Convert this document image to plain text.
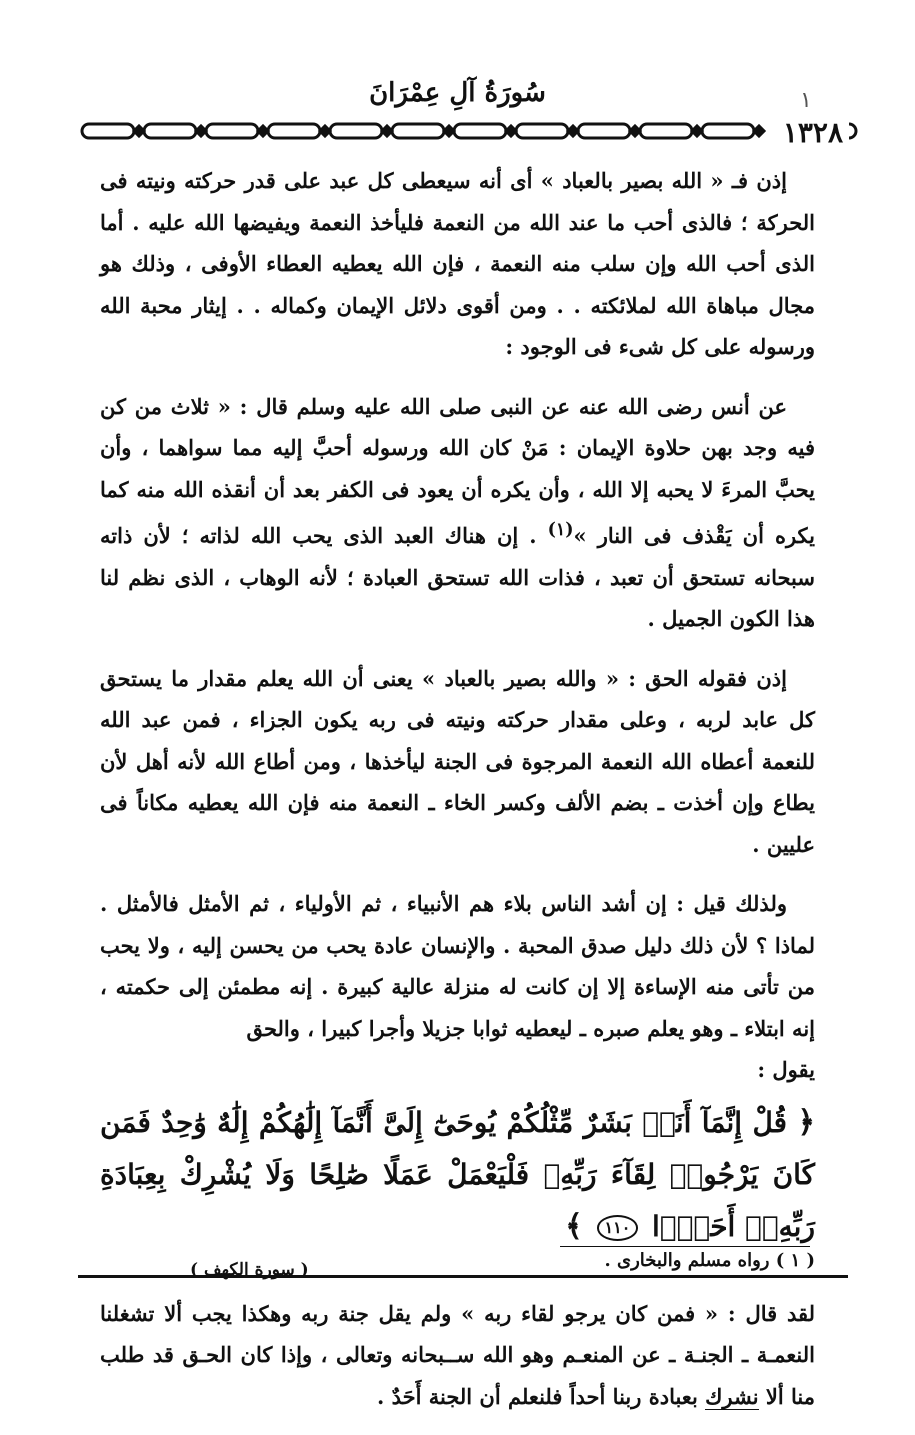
١
سُورَةُ آلِ عِمْرَانَ
١٣٢٨

إذن فـ « الله بصير بالعباد » أى أنه سيعطى كل عبد على قدر حركته ونيته فى الحركة ؛ فالذى أحب ما عند الله من النعمة فليأخذ النعمة ويفيضها الله عليه . أما الذى أحب الله وإن سلب منه النعمة ، فإن الله يعطيه العطاء الأوفى ، وذلك هو مجال مباهاة الله لملائكته . . ومن أقوى دلائل الإيمان وكماله . . إيثار محبة الله ورسوله على كل شىء فى الوجود :

عن أنس رضى الله عنه عن النبى صلى الله عليه وسلم قال : « ثلاث من كن فيه وجد بهن حلاوة الإيمان : مَنْ كان الله ورسوله أحبَّ إليه مما سواهما ، وأن يحبَّ المرءَ لا يحبه إلا الله ، وأن يكره أن يعود فى الكفر بعد أن أنقذه الله منه كما يكره أن يَقْذف فى النار »$^{(١)}$ . إن هناك العبد الذى يحب الله لذاته ؛ لأن ذاته سبحانه تستحق أن تعبد ، فذات الله تستحق العبادة ؛ لأنه الوهاب ، الذى نظم لنا هذا الكون الجميل .

إذن فقوله الحق : « والله بصير بالعباد » يعنى أن الله يعلم مقدار ما يستحق كل عابد لربه ، وعلى مقدار حركته ونيته فى ربه يكون الجزاء ، فمن عبد الله للنعمة أعطاه الله النعمة المرجوة فى الجنة ليأخذها ، ومن أطاع الله لأنه أهل لأن يطاع وإن أخذت ـ بضم الألف وكسر الخاء ـ النعمة منه فإن الله يعطيه مكاناً فى عليين .

ولذلك قيل : إن أشد الناس بلاء هم الأنبياء ، ثم الأولياء ، ثم الأمثل فالأمثل . لماذا ؟ لأن ذلك دليل صدق المحبة . والإنسان عادة يحب من يحسن إليه ، ولا يحب من تأتى منه الإساءة إلا إن كانت له منزلة عالية كبيرة . إنه مطمئن إلى حكمته ، إنه ابتلاء ـ وهو يعلم صبره ـ ليعطيه ثوابا جزيلا وأجرا كبيرا ، والحق
يقول :

﴿ قُلْ إِنَّمَآ أَنَا۠ بَشَرٌ مِّثْلُكُمْ يُوحَىٰٓ إِلَىَّ أَنَّمَآ إِلَٰهُكُمْ إِلَٰهٌ وَٰحِدٌ فَمَن كَانَ يَرْجُوا۟ لِقَآءَ رَبِّهِۦ فَلْيَعْمَلْ عَمَلًا صَٰلِحًا وَلَا يُشْرِكْ بِعِبَادَةِ رَبِّهِۦٓ أَحَدًۢا ١١٠ ﴾
( سورة الكهف )

لقد قال : « فمن كان يرجو لقاء ربه » ولم يقل جنة ربه وهكذا يجب ألا تشغلنا النعمـة ـ الجنـة ـ عن المنعـم وهو الله ســبحانه وتعالى ، وإذا كان الحـق قد طلب منا ألا نشرك بعبادة ربنا أحداً فلنعلم أن الجنة أَحَدٌ .

( ١ ) رواه مسلم والبخارى .
